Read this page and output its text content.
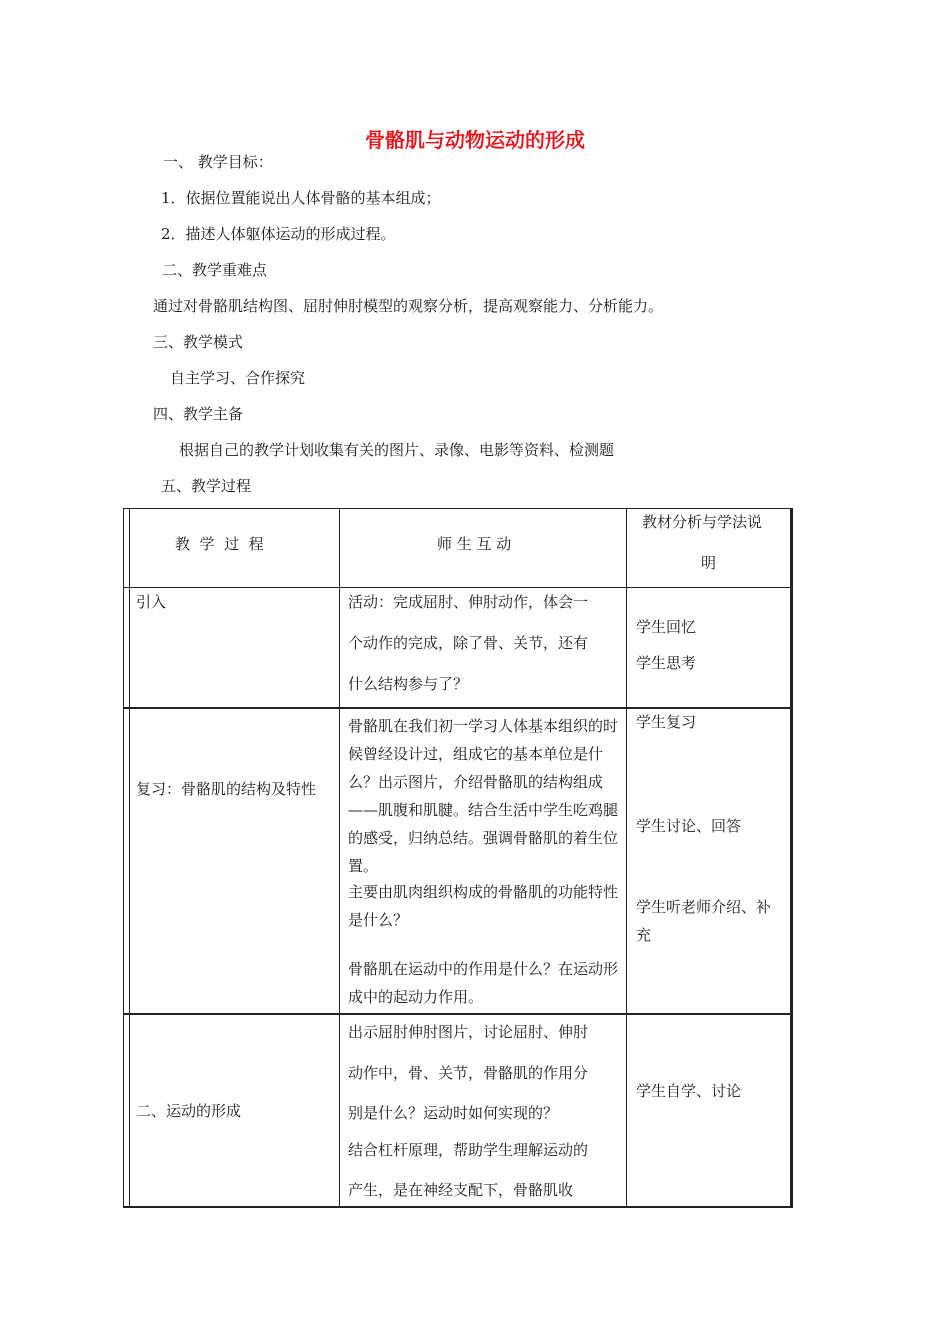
骨骼肌与动物运动的形成
一、 教学目标：
1．依据位置能说出人体骨骼的基本组成；
2．描述人体躯体运动的形成过程。
二、教学重难点
通过对骨骼肌结构图、屈肘伸肘模型的观察分析，提高观察能力、分析能力。
三、教学模式
自主学习、合作探究
四、教学主备
根据自己的教学计划收集有关的图片、录像、电影等资料、检测题
五、教学过程
教  学  过  程	师 生 互 动
教材分析与学法说
明
引入	活动：完成屈肘、伸肘动作，体会一
个动作的完成，除了骨、关节，还有
什么结构参与了？
学生回忆
学生思考
复习：骨骼肌的结构及特性
骨骼肌在我们初一学习人体基本组织的时候曾经设计过，组成它的基本单位是什么？出示图片，介绍骨骼肌的结构组成——肌腹和肌腱。结合生活中学生吃鸡腿的感受，归纳总结。强调骨骼肌的着生位置。
主要由肌肉组织构成的骨骼肌的功能特性是什么？
骨骼肌在运动中的作用是什么？在运动形成中的起动力作用。
学生复习
学生讨论、回答
学生听老师介绍、补充
二、运动的形成
出示屈肘伸肘图片，讨论屈肘、伸肘
动作中，骨、关节，骨骼肌的作用分
别是什么？运动时如何实现的？
结合杠杆原理，帮助学生理解运动的
产生，是在神经支配下，骨骼肌收
学生自学、讨论
